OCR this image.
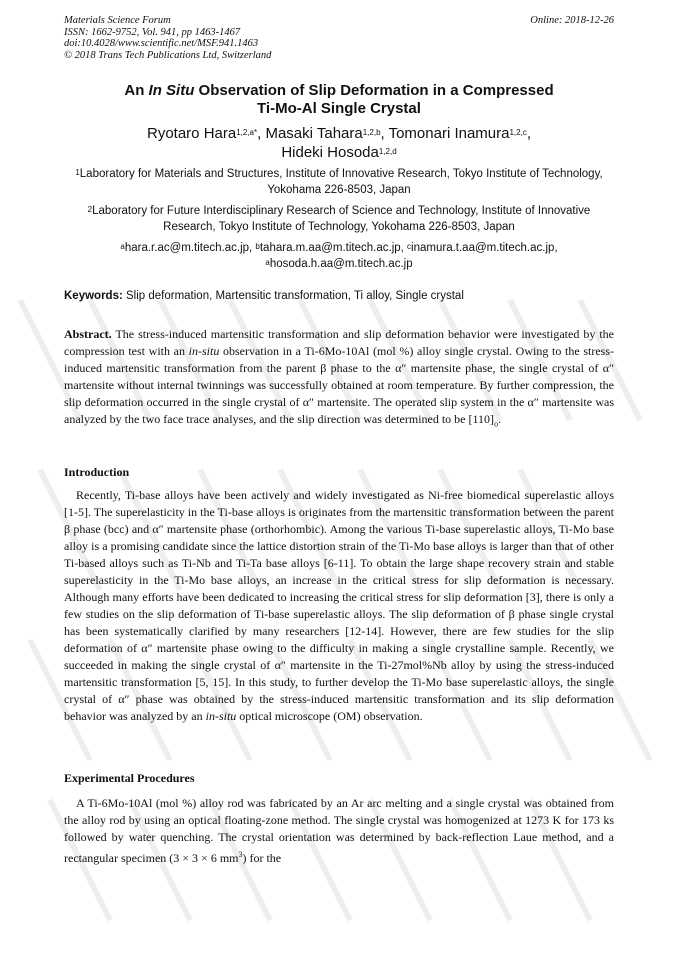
Materials Science Forum
ISSN: 1662-9752, Vol. 941, pp 1463-1467
doi:10.4028/www.scientific.net/MSF.941.1463
© 2018 Trans Tech Publications Ltd, Switzerland
Online: 2018-12-26
An In Situ Observation of Slip Deformation in a Compressed
Ti-Mo-Al Single Crystal
Ryotaro Hara$^{1,2,a*}$, Masaki Tahara$^{1,2,b}$, Tomonari Inamura$^{1,2,c}$,
Hideki Hosoda$^{1,2,d}$
$^1$Laboratory for Materials and Structures, Institute of Innovative Research, Tokyo Institute of Technology, Yokohama 226-8503, Japan
$^2$Laboratory for Future Interdisciplinary Research of Science and Technology, Institute of Innovative Research, Tokyo Institute of Technology, Yokohama 226-8503, Japan
$^a$hara.r.ac@m.titech.ac.jp, $^b$tahara.m.aa@m.titech.ac.jp, $^c$inamura.t.aa@m.titech.ac.jp,
$^a$hosoda.h.aa@m.titech.ac.jp
Keywords: Slip deformation, Martensitic transformation, Ti alloy, Single crystal

Abstract. The stress-induced martensitic transformation and slip deformation behavior were investigated by the compression test with an in-situ observation in a Ti-6Mo-10Al (mol %) alloy single crystal. Owing to the stress-induced martensitic transformation from the parent β phase to the α″ martensite phase, the single crystal of α″ martensite without internal twinnings was successfully obtained at room temperature. By further compression, the slip deformation occurred in the single crystal of α″ martensite. The operated slip system in the α″ martensite was analyzed by the two face trace analyses, and the slip direction was determined to be $[110]_o$.

Introduction

Recently, Ti-base alloys have been actively and widely investigated as Ni-free biomedical superelastic alloys [1-5]. The superelasticity in the Ti-base alloys is originates from the martensitic transformation between the parent β phase (bcc) and α″ martensite phase (orthorhombic). Among the various Ti-base superelastic alloys, Ti-Mo base alloy is a promising candidate since the lattice distortion strain of the Ti-Mo base alloys is larger than that of other Ti-based alloys such as Ti-Nb and Ti-Ta base alloys [6-11]. To obtain the large shape recovery strain and stable superelasticity in the Ti-Mo base alloys, an increase in the critical stress for slip deformation is necessary. Although many efforts have been dedicated to increasing the critical stress for slip deformation [3], there is only a few studies on the slip deformation of Ti-base superelastic alloys. The slip deformation of β phase single crystal has been systematically clarified by many researchers [12-14]. However, there are few studies for the slip deformation of α″ martensite phase owing to the difficulty in making a single crystalline sample. Recently, we succeeded in making the single crystal of α″ martensite in the Ti-27mol%Nb alloy by using the stress-induced martensitic transformation [5, 15]. In this study, to further develop the Ti-Mo base superelastic alloys, the single crystal of α″ phase was obtained by the stress-induced martensitic transformation and its slip deformation behavior was analyzed by an in-situ optical microscope (OM) observation.

Experimental Procedures

A Ti-6Mo-10Al (mol %) alloy rod was fabricated by an Ar arc melting and a single crystal was obtained from the alloy rod by using an optical floating-zone method. The single crystal was homogenized at 1273 K for 173 ks followed by water quenching. The crystal orientation was determined by back-reflection Laue method, and a rectangular specimen (3 × 3 × 6 $mm^3$) for the
